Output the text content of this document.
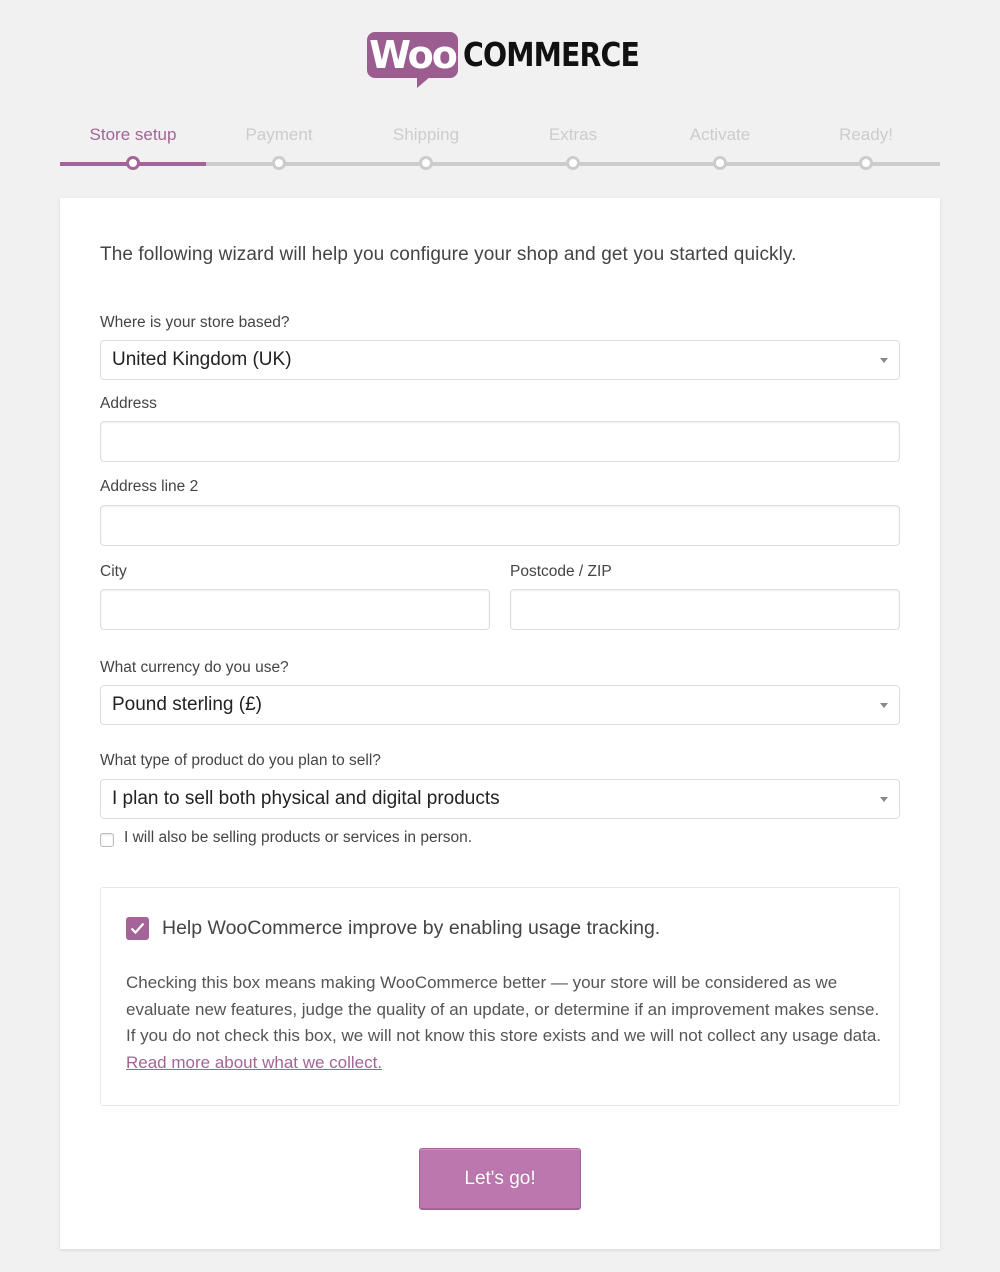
Woo COMMERCE
Store setup	Payment	Shipping	Extras	Activate	Ready!
The following wizard will help you configure your shop and get you started quickly.
Where is your store based?
United Kingdom (UK)
Address
Address line 2
City	Postcode / ZIP
What currency do you use?
Pound sterling (£)
What type of product do you plan to sell?
I plan to sell both physical and digital products
I will also be selling products or services in person.
Help WooCommerce improve by enabling usage tracking.
Checking this box means making WooCommerce better — your store will be considered as we evaluate new features, judge the quality of an update, or determine if an improvement makes sense. If you do not check this box, we will not know this store exists and we will not collect any usage data. Read more about what we collect.
Let's go!
